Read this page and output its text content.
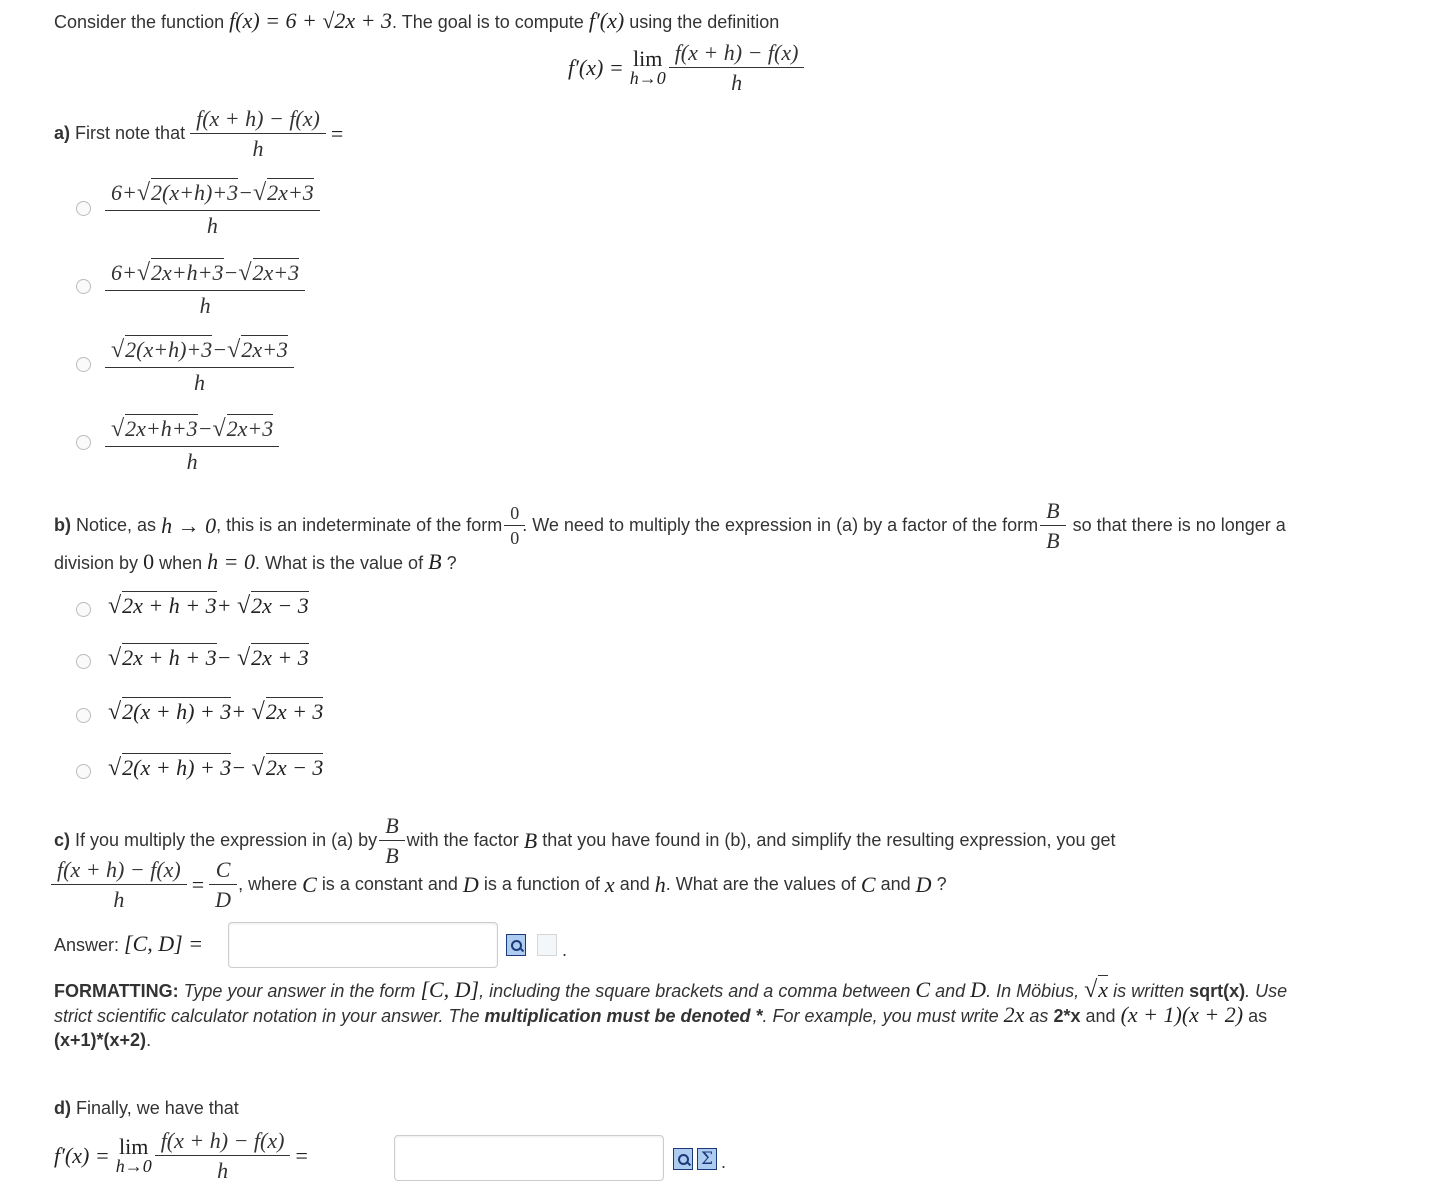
Consider the function f(x) = 6 + √2x + 3. The goal is to compute f′(x) using the definition
f′(x) = lim
$h\to 0 \frac{f(x + h) - f(x)}{h}$
a)
First note that $\frac{f(x + h) - f(x)}{h}$ =
$\frac{6+√2(x+h)+3-√2x+3}{h}$
$\frac{6+√2x+h+3-√2x+3}{h}$
$\frac{√2(x+h)+3-√2x+3}{h}$
$\frac{√2x+h+3-√2x+3}{h}$
b)
Notice, as
h → 0 , this is an indeterminate of the form
$\frac{0}{0}$ . We need to multiply the expression in (a) by a factor of the form
$\frac{B}{B}$
so that there is no longer a
division by 0 when h = 0. What is the value of B ?
√2x + h + 3+ √2x − 3
√2x + h + 3− √2x + 3
√2(x + h) + 3+ √2x + 3
√2(x + h) + 3− √2x − 3
c)
If you multiply the expression in (a) by
$\frac{B}{B}$
with the factor
B
that you have found in (b), and simplify the resulting expression, you get
$\frac{f(x + h) - f(x)}{h} = \frac{C}{D}$ , where
C
is a constant and
D
is a function of
x
and
h . What are the values of
C
and
D
?
Answer: [C, D] =	.
FORMATTING: Type your answer in the form [C, D], including the square brackets and a comma between C and D. In Möbius, √x is written sqrt(x). Use
strict scientific calculator notation in your answer. The multiplication must be denoted *. For example, you must write 2x as 2*x and (x + 1)(x + 2) as
(x+1)*(x+2).
d) Finally, we have that
f′(x) = lim
$h\to 0 \frac{f(x + h) - f(x)}{h}$ =	Σ .
